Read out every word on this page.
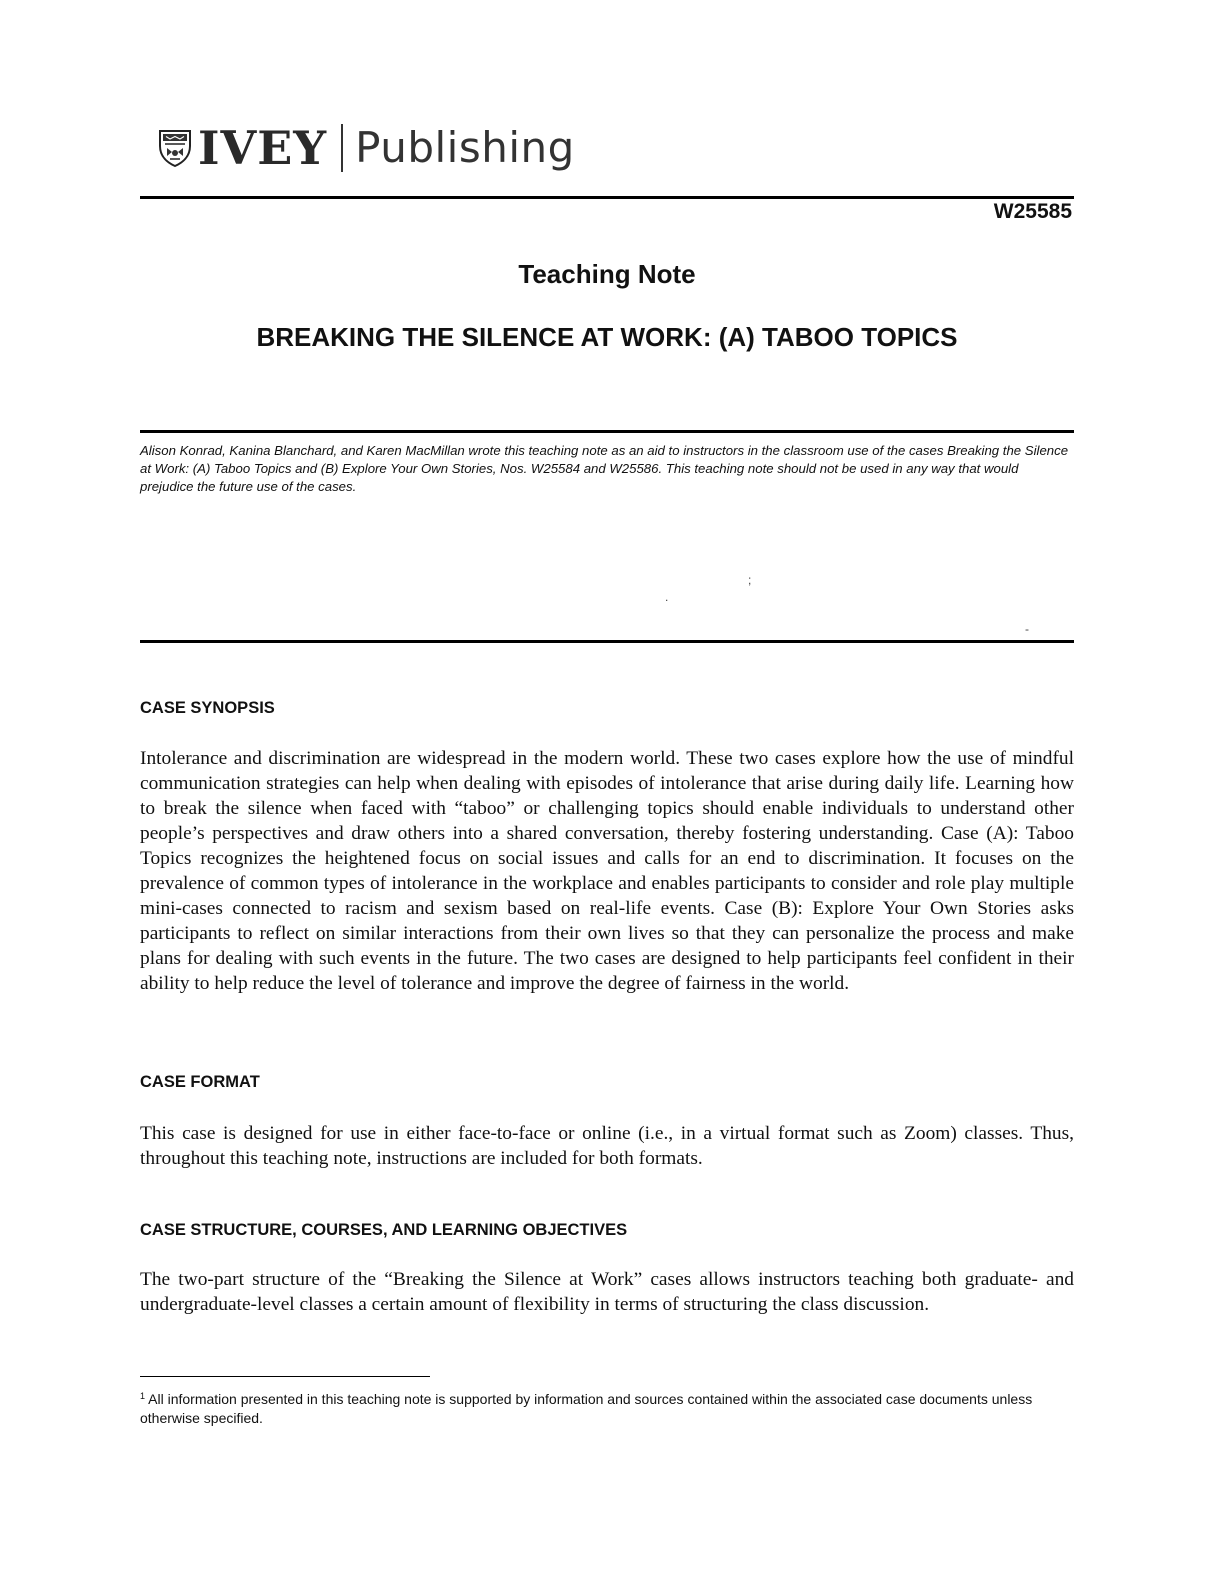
IVEY Publishing
W25585
Teaching Note
BREAKING THE SILENCE AT WORK: (A) TABOO TOPICS
Alison Konrad, Kanina Blanchard, and Karen MacMillan wrote this teaching note as an aid to instructors in the classroom use of the cases Breaking the Silence at Work: (A) Taboo Topics and (B) Explore Your Own Stories, Nos. W25584 and W25586. This teaching note should not be used in any way that would prejudice the future use of the cases.
;
.
-
CASE SYNOPSIS
Intolerance and discrimination are widespread in the modern world. These two cases explore how the use of mindful communication strategies can help when dealing with episodes of intolerance that arise during daily life. Learning how to break the silence when faced with “taboo” or challenging topics should enable individuals to understand other people’s perspectives and draw others into a shared conversation, thereby fostering understanding. Case (A): Taboo Topics recognizes the heightened focus on social issues and calls for an end to discrimination. It focuses on the prevalence of common types of intolerance in the workplace and enables participants to consider and role play multiple mini-cases connected to racism and sexism based on real-life events. Case (B): Explore Your Own Stories asks participants to reflect on similar interactions from their own lives so that they can personalize the process and make plans for dealing with such events in the future. The two cases are designed to help participants feel confident in their ability to help reduce the level of tolerance and improve the degree of fairness in the world.
CASE FORMAT
This case is designed for use in either face-to-face or online (i.e., in a virtual format such as Zoom) classes. Thus, throughout this teaching note, instructions are included for both formats.
CASE STRUCTURE, COURSES, AND LEARNING OBJECTIVES
The two-part structure of the “Breaking the Silence at Work” cases allows instructors teaching both graduate- and undergraduate-level classes a certain amount of flexibility in terms of structuring the class discussion.
$^1$ All information presented in this teaching note is supported by information and sources contained within the associated case documents unless otherwise specified.
